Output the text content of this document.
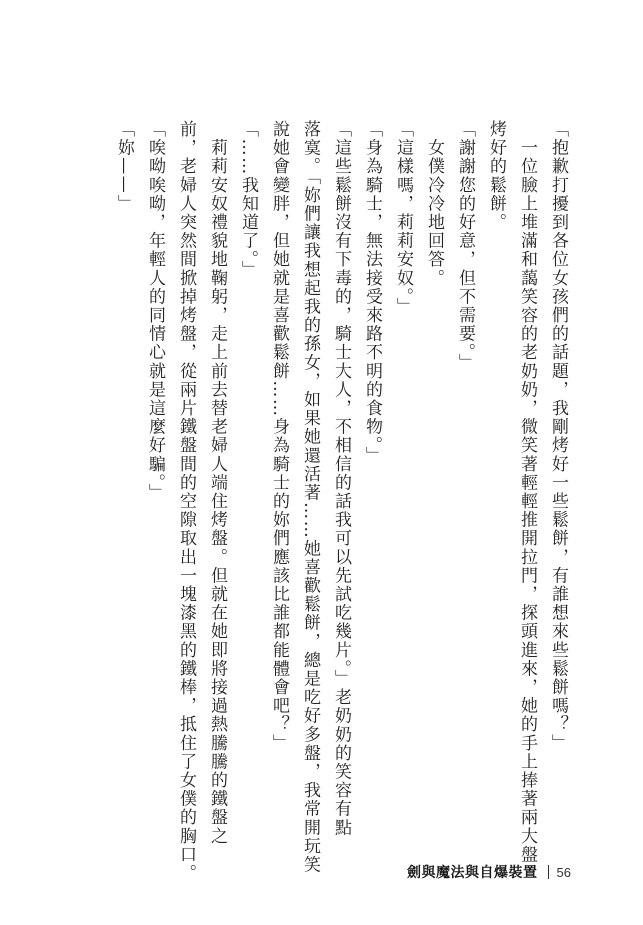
「抱歉打擾到各位女孩們的話題，我剛烤好一些鬆餅，有誰想來些鬆餅嗎？」
　一位臉上堆滿和藹笑容的老奶奶，微笑著輕輕推開拉門，探頭進來，她的手上捧著兩大盤
烤好的鬆餅。
「謝謝您的好意，但不需要。」
　女僕冷冷地回答。
「這樣嗎，莉莉安奴。」
「身為騎士，無法接受來路不明的食物。」
「這些鬆餅沒有下毒的，騎士大人，不相信的話我可以先試吃幾片。」老奶奶的笑容有點
落寞。「妳們讓我想起我的孫女，如果她還活著……她喜歡鬆餅，總是吃好多盤，我常開玩笑
說她會變胖，但她就是喜歡鬆餅……身為騎士的妳們應該比誰都能體會吧？」
「……我知道了。」
　莉莉安奴禮貌地鞠躬，走上前去替老婦人端住烤盤。但就在她即將接過熱騰騰的鐵盤之
前，老婦人突然間掀掉烤盤，從兩片鐵盤間的空隙取出一塊漆黑的鐵棒，抵住了女僕的胸口。
「唉呦唉呦，年輕人的同情心就是這麼好騙。」
「妳——」
劍與魔法與自爆裝置 56
